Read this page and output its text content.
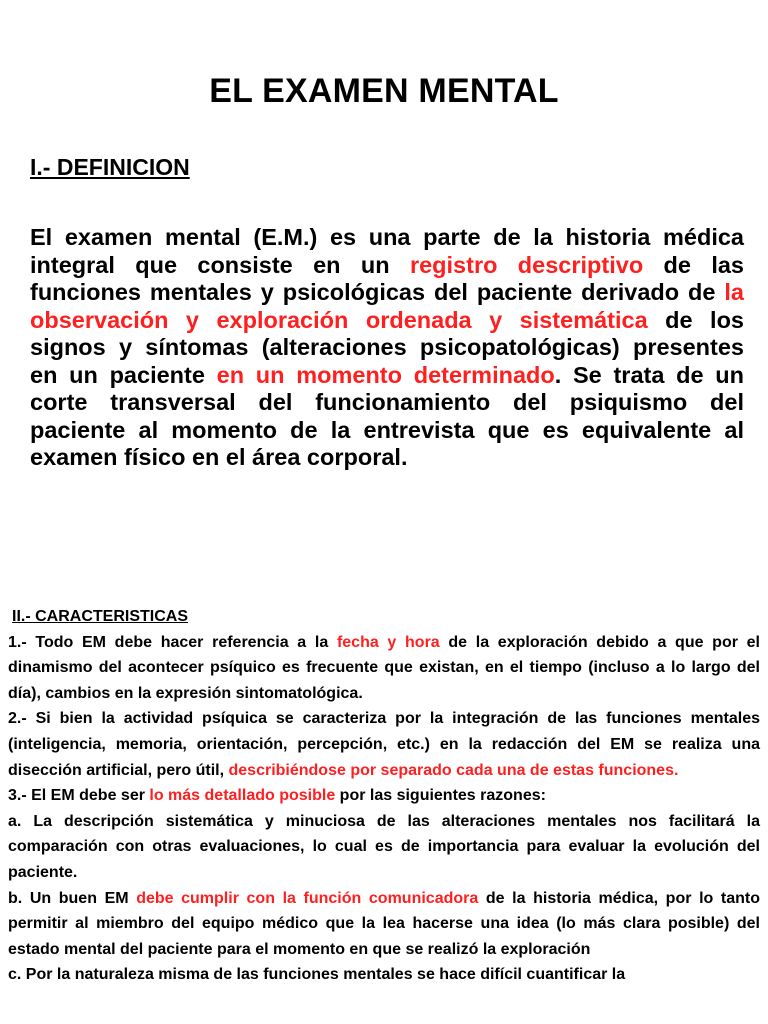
EL EXAMEN MENTAL
I.- DEFINICION
El examen mental (E.M.) es una parte de la historia médica integral que consiste en un registro descriptivo de las funciones mentales y psicológicas del paciente derivado de la observación y exploración ordenada y sistemática de los signos y síntomas (alteraciones psicopatológicas) presentes en un paciente en un momento determinado. Se trata de un corte transversal del funcionamiento del psiquismo del paciente al momento de la entrevista que es equivalente al examen físico en el área corporal.
II.- CARACTERISTICAS
1.- Todo EM debe hacer referencia a la fecha y hora de la exploración debido a que por el dinamismo del acontecer psíquico es frecuente que existan, en el tiempo (incluso a lo largo del día), cambios en la expresión sintomatológica.
2.- Si bien la actividad psíquica se caracteriza por la integración de las funciones mentales (inteligencia, memoria, orientación, percepción, etc.) en la redacción del EM se realiza una disección artificial, pero útil, describiéndose por separado cada una de estas funciones.
3.- El EM debe ser lo más detallado posible por las siguientes razones:
a. La descripción sistemática y minuciosa de las alteraciones mentales nos facilitará la comparación con otras evaluaciones, lo cual es de importancia para evaluar la evolución del paciente.
b. Un buen EM debe cumplir con la función comunicadora de la historia médica, por lo tanto permitir al miembro del equipo médico que la lea hacerse una idea (lo más clara posible) del estado mental del paciente para el momento en que se realizó la exploración
c. Por la naturaleza misma de las funciones mentales se hace difícil cuantificar la
